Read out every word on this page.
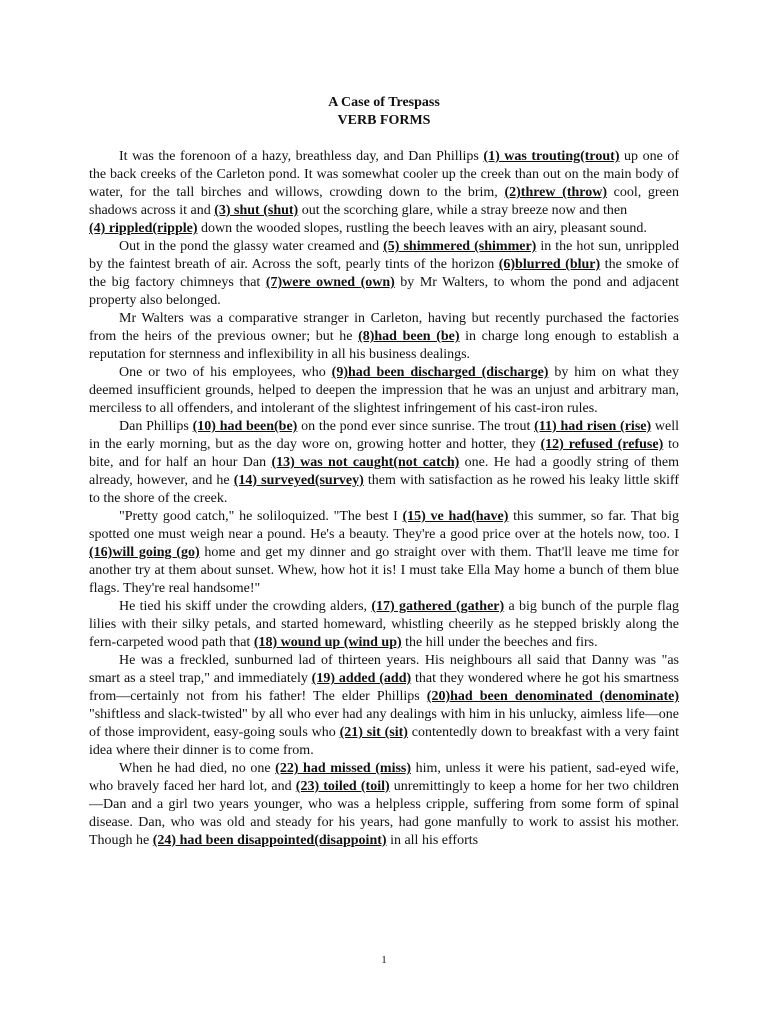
A Case of Trespass
VERB FORMS

It was the forenoon of a hazy, breathless day, and Dan Phillips (1) was trouting(trout) up one of the back creeks of the Carleton pond. It was somewhat cooler up the creek than out on the main body of water, for the tall birches and willows, crowding down to the brim, (2)threw (throw) cool, green shadows across it and (3) shut (shut) out the scorching glare, while a stray breeze now and then

(4) rippled(ripple) down the wooded slopes, rustling the beech leaves with an airy, pleasant sound.

Out in the pond the glassy water creamed and (5) shimmered (shimmer) in the hot sun, unrippled by the faintest breath of air. Across the soft, pearly tints of the horizon (6)blurred (blur) the smoke of the big factory chimneys that (7)were owned (own) by Mr Walters, to whom the pond and adjacent property also belonged.

Mr Walters was a comparative stranger in Carleton, having but recently purchased the factories from the heirs of the previous owner; but he (8)had been (be) in charge long enough to establish a reputation for sternness and inflexibility in all his business dealings.

One or two of his employees, who (9)had been discharged (discharge) by him on what they deemed insufficient grounds, helped to deepen the impression that he was an unjust and arbitrary man, merciless to all offenders, and intolerant of the slightest infringement of his cast-iron rules.

Dan Phillips (10) had been(be) on the pond ever since sunrise. The trout (11) had risen (rise) well in the early morning, but as the day wore on, growing hotter and hotter, they (12) refused (refuse) to bite, and for half an hour Dan (13) was not caught(not catch) one. He had a goodly string of them already, however, and he (14) surveyed(survey) them with satisfaction as he rowed his leaky little skiff to the shore of the creek.

"Pretty good catch," he soliloquized. "The best I (15) ve had(have) this summer, so far. That big spotted one must weigh near a pound. He's a beauty. They're a good price over at the hotels now, too. I (16)will going (go) home and get my dinner and go straight over with them. That'll leave me time for another try at them about sunset. Whew, how hot it is! I must take Ella May home a bunch of them blue flags. They're real handsome!"

He tied his skiff under the crowding alders, (17) gathered (gather) a big bunch of the purple flag lilies with their silky petals, and started homeward, whistling cheerily as he stepped briskly along the fern-carpeted wood path that (18) wound up (wind up) the hill under the beeches and firs.

He was a freckled, sunburned lad of thirteen years. His neighbours all said that Danny was "as smart as a steel trap," and immediately (19) added (add) that they wondered where he got his smartness from—certainly not from his father! The elder Phillips (20)had been denominated (denominate) "shiftless and slack-twisted" by all who ever had any dealings with him in his unlucky, aimless life—one of those improvident, easy-going souls who (21) sit (sit) contentedly down to breakfast with a very faint idea where their dinner is to come from.

When he had died, no one (22) had missed (miss) him, unless it were his patient, sad-eyed wife, who bravely faced her hard lot, and (23) toiled (toil) unremittingly to keep a home for her two children—Dan and a girl two years younger, who was a helpless cripple, suffering from some form of spinal disease. Dan, who was old and steady for his years, had gone manfully to work to assist his mother. Though he (24) had been disappointed(disappoint) in all his efforts

1
